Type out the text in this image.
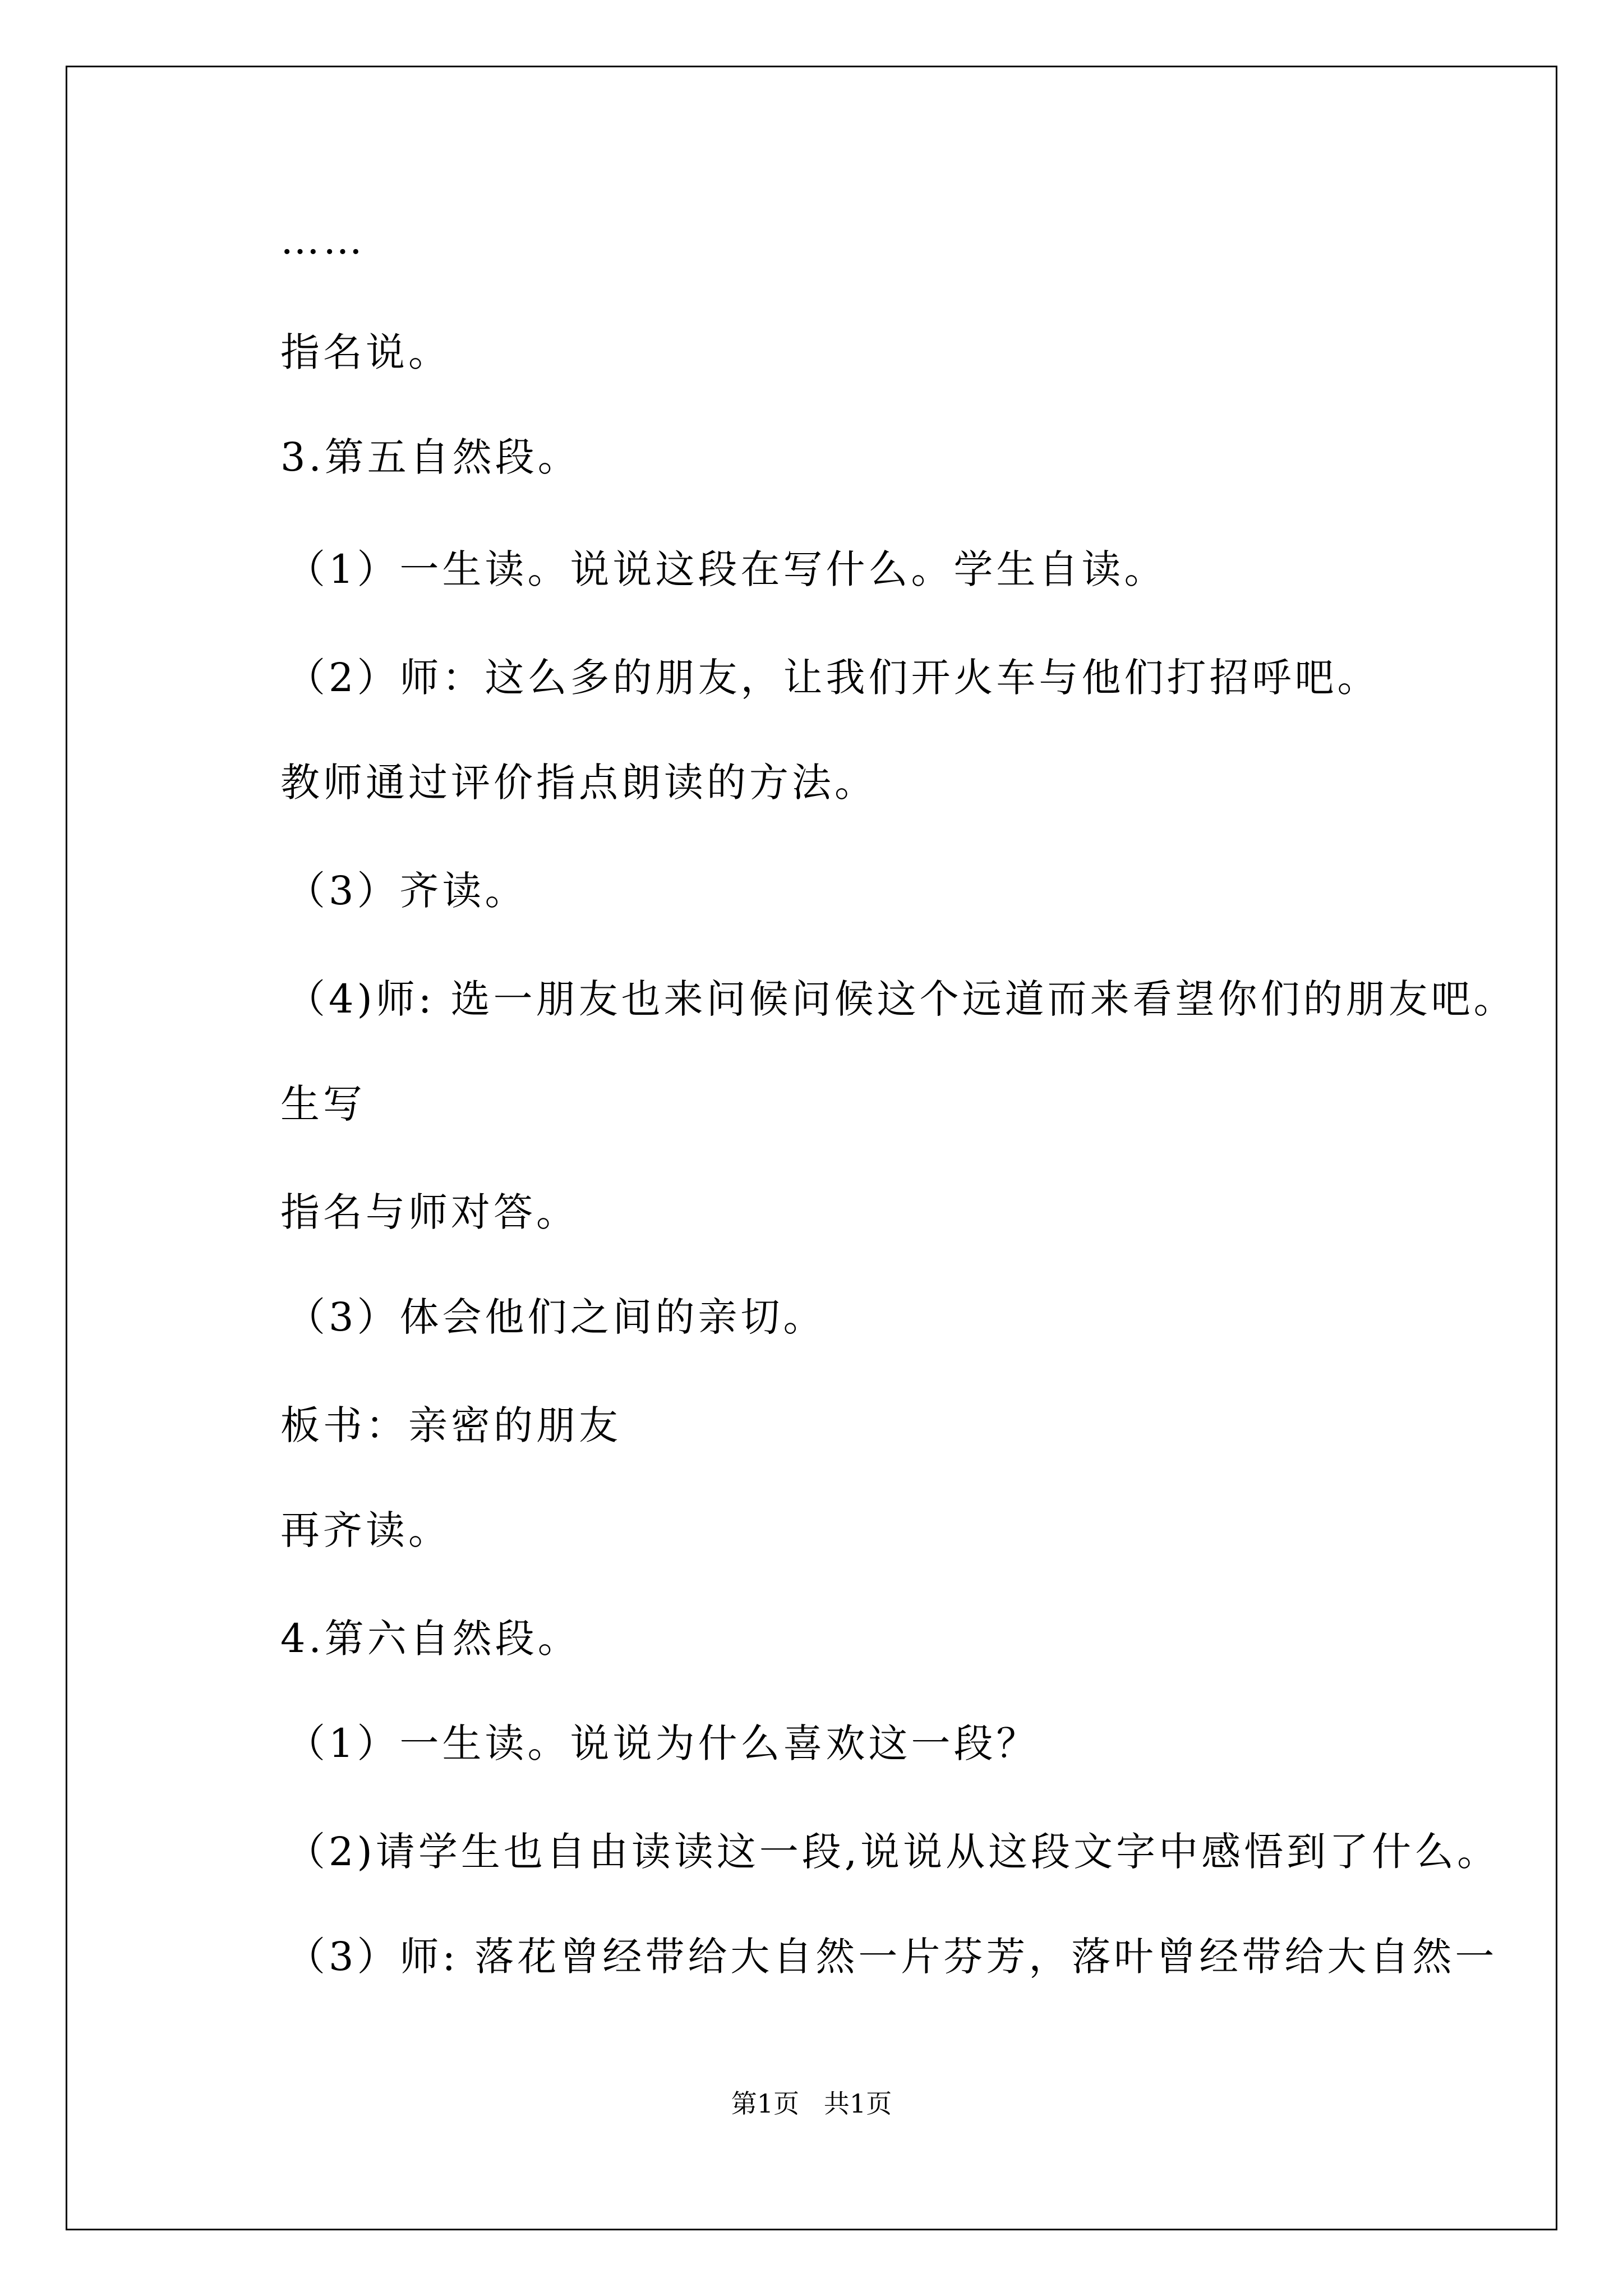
……
指名说。
3.第五自然段。
（1）一生读。说说这段在写什么。学生自读。
（2）师：这么多的朋友，让我们开火车与他们打招呼吧。
教师通过评价指点朗读的方法。
（3）齐读。
（4)师: 选一朋友也来问候问候这个远道而来看望你们的朋友吧。
生写
指名与师对答。
（3）体会他们之间的亲切。
板书：亲密的朋友
再齐读。
4.第六自然段。
（1）一生读。说说为什么喜欢这一段？
（2)请学生也自由读读这一段,说说从这段文字中感悟到了什么。
（3）师: 落花曾经带给大自然一片芬芳，落叶曾经带给大自然一
第1页   共1页
